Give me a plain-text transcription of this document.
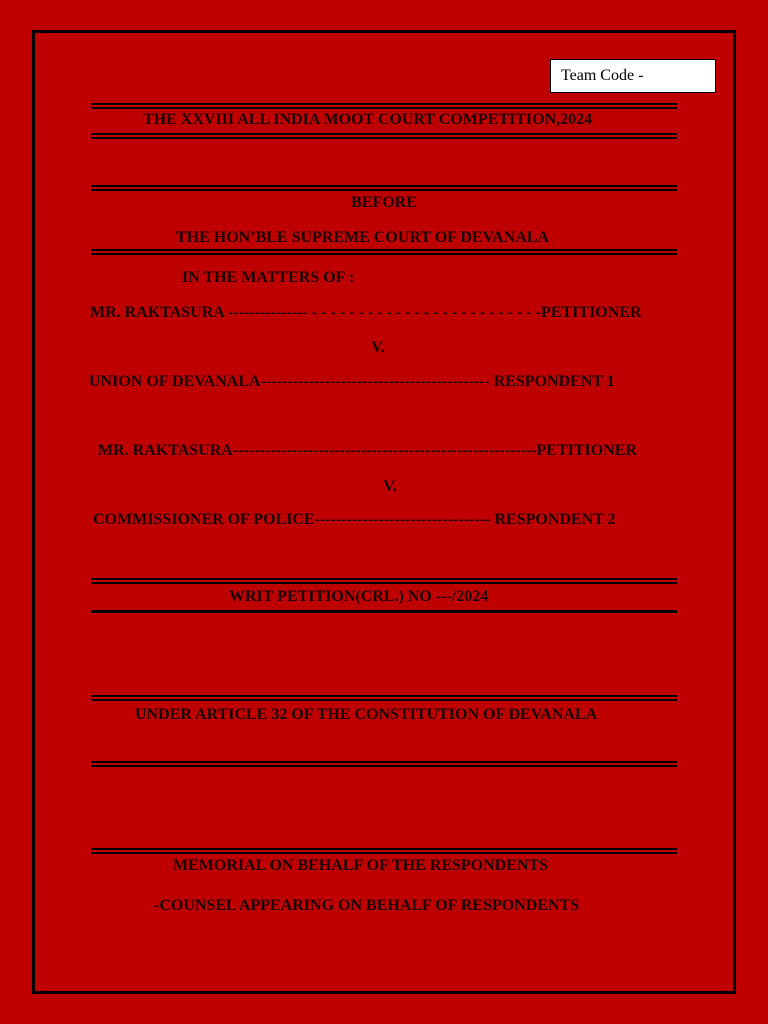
Team Code -
THE XXVIII ALL INDIA MOOT COURT COMPETITION,2024
BEFORE
THE HON’BLE SUPREME COURT OF DEVANALA
IN THE MATTERS OF :
MR. RAKTASURA --------------- - - - - - - - - - - - - - - - - - - - - - - - - -PETITIONER
V.
UNION OF DEVANALA------------------------------------------- RESPONDENT 1
MR. RAKTASURA---------------------------------------------------------PETITIONER
V.
COMMISSIONER OF POLICE--------------------------------- RESPONDENT 2
WRIT PETITION(CRL.) NO ---/2024
UNDER ARTICLE 32 OF THE CONSTITUTION OF DEVANALA
MEMORIAL ON BEHALF OF THE RESPONDENTS
-COUNSEL APPEARING ON BEHALF OF RESPONDENTS
